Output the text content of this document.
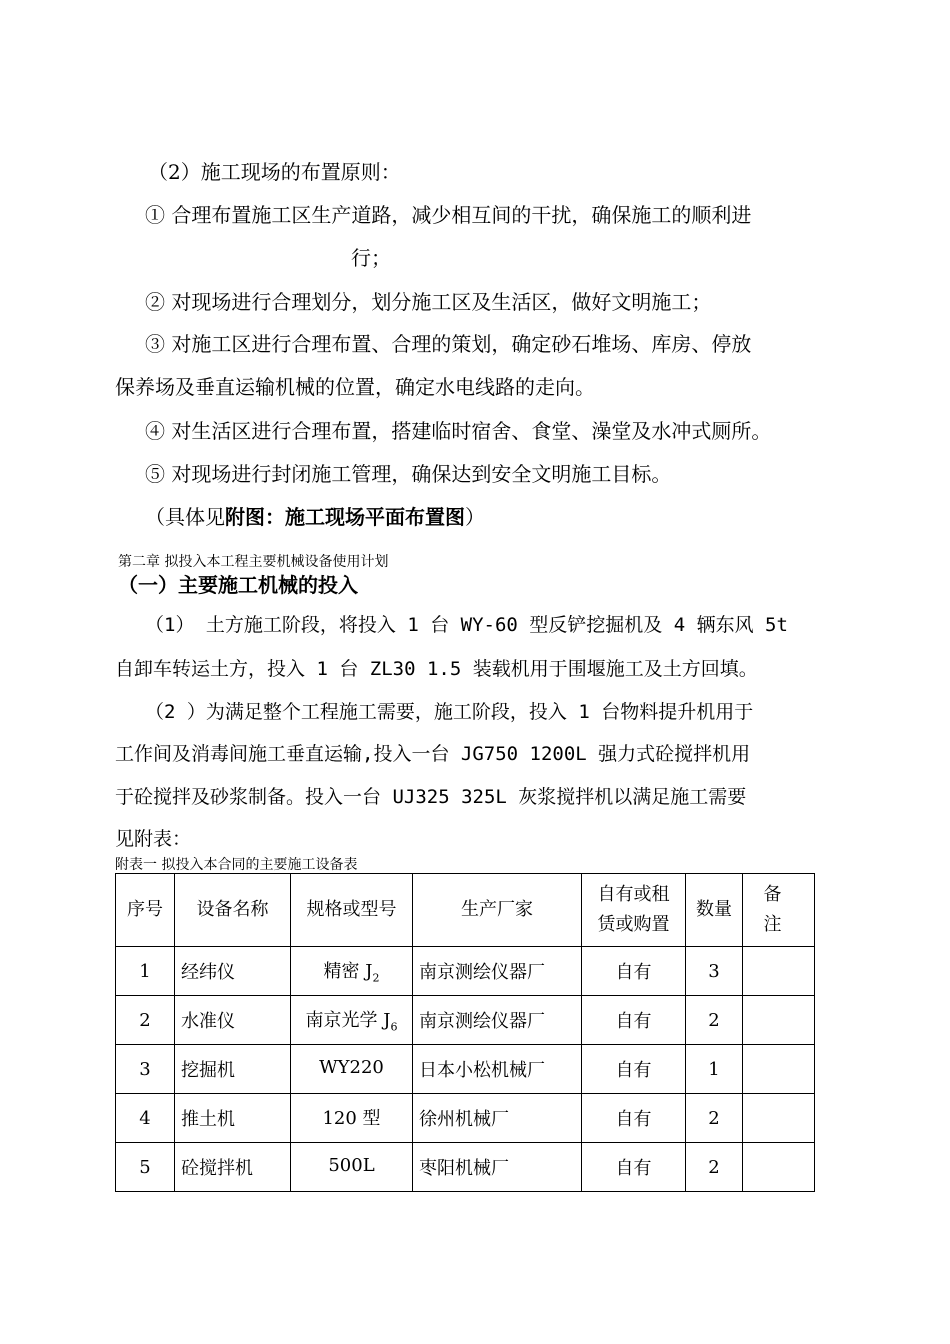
（2）施工现场的布置原则：
① 合理布置施工区生产道路，减少相互间的干扰，确保施工的顺利进
行；
② 对现场进行合理划分，划分施工区及生活区，做好文明施工；
③ 对施工区进行合理布置、合理的策划，确定砂石堆场、库房、停放
保养场及垂直运输机械的位置，确定水电线路的走向。
④ 对生活区进行合理布置，搭建临时宿舍、食堂、澡堂及水冲式厕所。
⑤ 对现场进行封闭施工管理，确保达到安全文明施工目标。
（具体见附图：施工现场平面布置图）
第二章 拟投入本工程主要机械设备使用计划
（一）主要施工机械的投入
（1） 土方施工阶段，将投入 1 台 WY-60 型反铲挖掘机及 4 辆东风 5t
自卸车转运土方，投入 1 台 ZL30 1.5 装载机用于围堰施工及土方回填。
（2 ）为满足整个工程施工需要，施工阶段，投入 1 台物料提升机用于
工作间及消毒间施工垂直运输,投入一台 JG750 1200L 强力式砼搅拌机用
于砼搅拌及砂浆制备。投入一台 UJ325 325L 灰浆搅拌机以满足施工需要
见附表：
附表一 拟投入本合同的主要施工设备表
序号	设备名称	规格或型号	生产厂家	自有或租
赁或购置	数量	备 注
1	经纬仪	精密 $J_2$	南京测绘仪器厂	自有	3	
2	水准仪	南京光学 $J_6$	南京测绘仪器厂	自有	2	
3	挖掘机	WY220	日本小松机械厂	自有	1	
4	推土机	120 型	徐州机械厂	自有	2	
5	砼搅拌机	500L	枣阳机械厂	自有	2	
